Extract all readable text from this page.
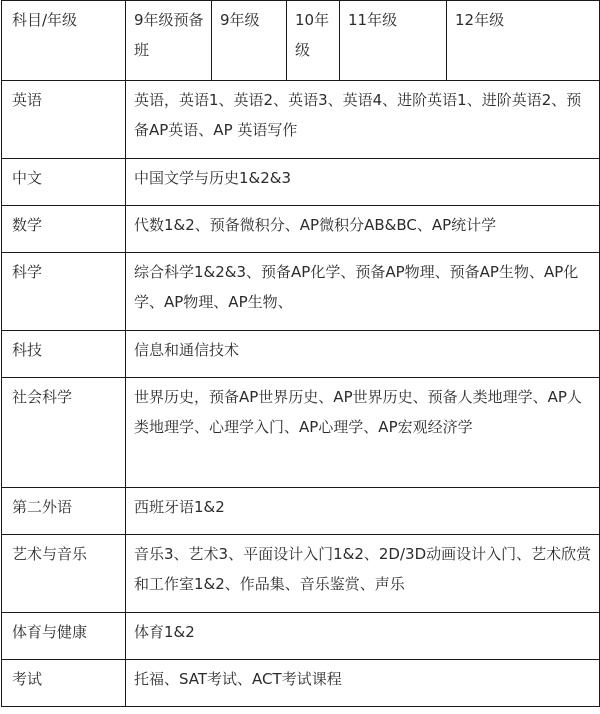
科目/年级	9年级预备班	9年级	10年级	11年级	12年级
英语	英语，英语1、英语2、英语3、英语4、进阶英语1、进阶英语2、预备AP英语、AP 英语写作				
中文	中国文学与历史1&2&3				
数学	代数1&2、预备微积分、AP微积分AB&BC、AP统计学				
科学	综合科学1&2&3、预备AP化学、预备AP物理、预备AP生物、AP化学、AP物理、AP生物、				
科技	信息和通信技术				
社会科学	世界历史，预备AP世界历史、AP世界历史、预备人类地理学、AP人类地理学、心理学入门、AP心理学、AP宏观经济学				
第二外语	西班牙语1&2				
艺术与音乐	音乐3、艺术3、平面设计入门1&2、2D/3D动画设计入门、艺术欣赏和工作室1&2、作品集、音乐鉴赏、声乐				
体育与健康	体育1&2				
考试	托福、SAT考试、ACT考试课程				
